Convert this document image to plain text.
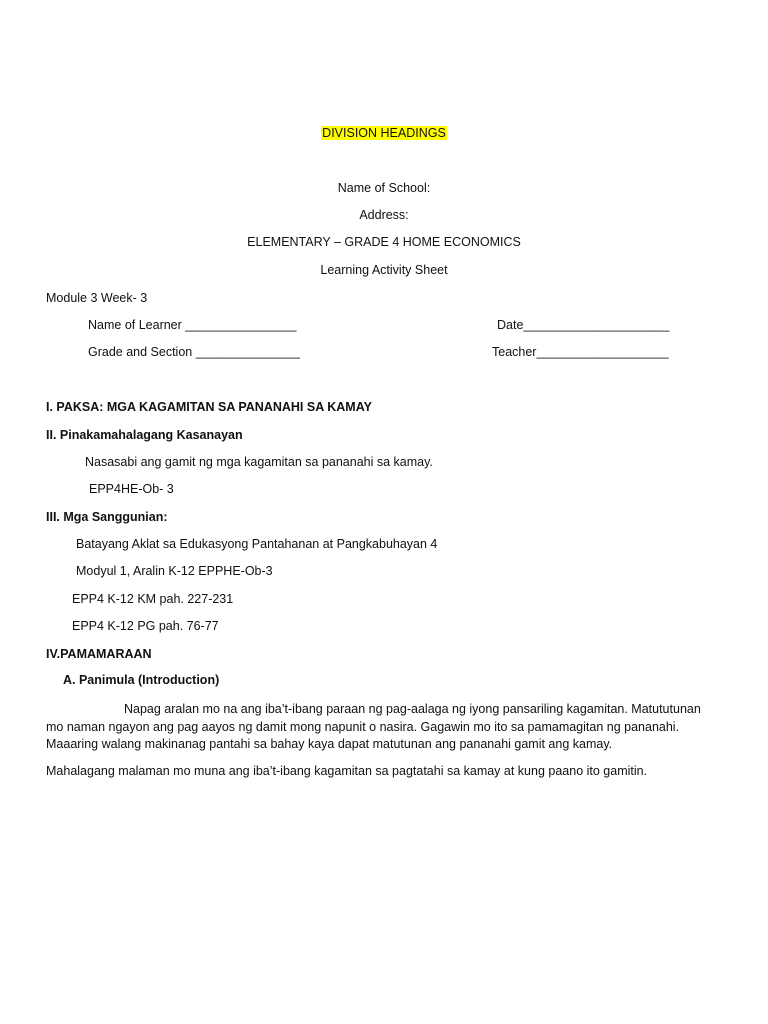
DIVISION HEADINGS
Name of School:
Address:
ELEMENTARY – GRADE 4 HOME ECONOMICS
Learning Activity Sheet
Module 3 Week- 3
Name of Learner ________________	Date_____________________
Grade and Section _______________	Teacher___________________
I. PAKSA: MGA KAGAMITAN SA PANANAHI SA KAMAY
II. Pinakamahalagang Kasanayan
Nasasabi ang gamit ng mga kagamitan sa pananahi sa kamay.
EPP4HE-Ob- 3
III. Mga Sanggunian:
Batayang Aklat sa Edukasyong Pantahanan at Pangkabuhayan 4
Modyul 1, Aralin K-12 EPPHE-Ob-3
EPP4 K-12 KM pah. 227-231
EPP4 K-12 PG pah. 76-77
IV.PAMAMARAAN
A. Panimula (Introduction)
Napag aralan mo na ang iba’t-ibang paraan ng pag-aalaga ng iyong pansariling kagamitan. Matututunan
mo naman ngayon ang pag aayos ng damit mong napunit o nasira. Gagawin mo ito sa pamamagitan ng pananahi.
Maaaring walang makinanag pantahi sa bahay kaya dapat matutunan ang pananahi gamit ang kamay.
Mahalagang malaman mo muna ang iba’t-ibang kagamitan sa pagtatahi sa kamay at kung paano ito gamitin.
